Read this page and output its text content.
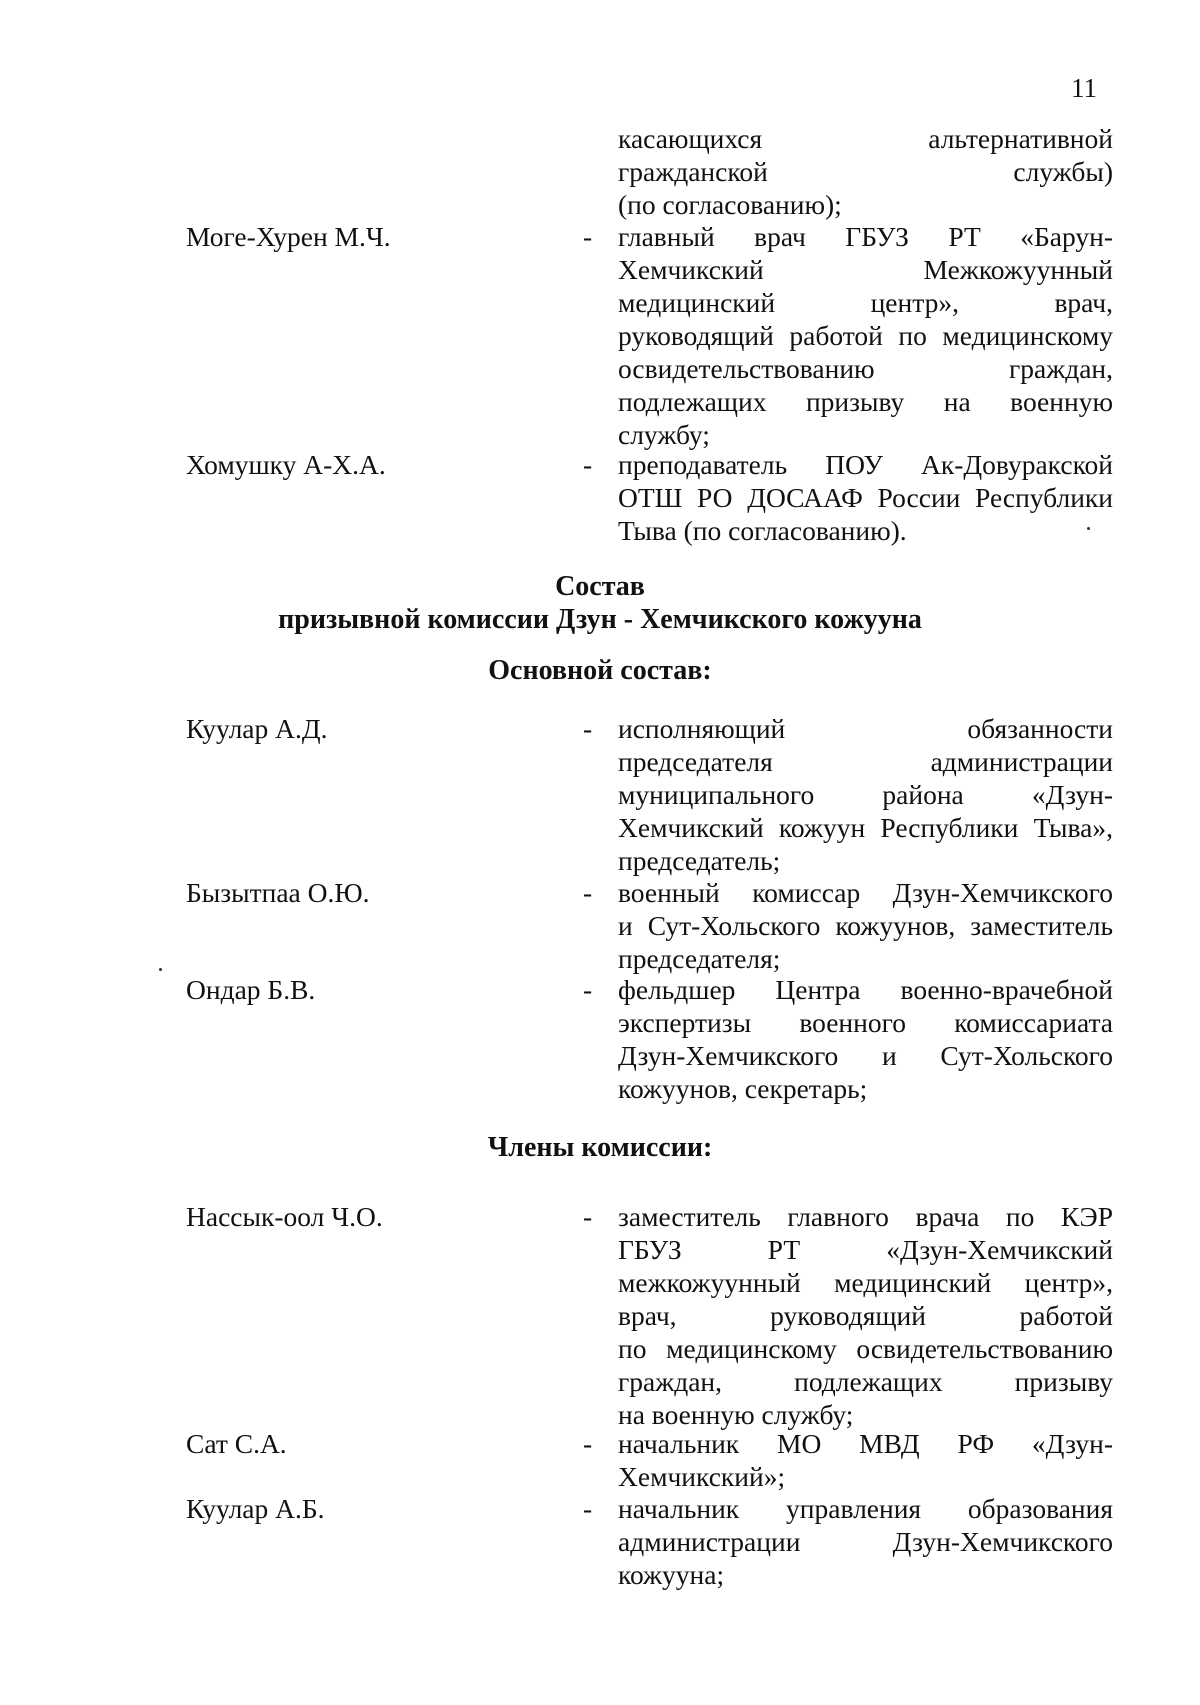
11
касающихся альтернативной
гражданской службы)
(по согласованию);
Моге-Хурен М.Ч.	- главный врач ГБУЗ РТ «Барун-
Хемчикский Межкожуунный
медицинский центр», врач,
руководящий работой по медицинскому
освидетельствованию граждан,
подлежащих призыву на военную
службу;
Хомушку А-Х.А.	- преподаватель ПОУ Ак-Довуракской
ОТШ РО ДОСААФ России Республики
Тыва (по согласованию).
Состав
призывной комиссии Дзун - Хемчикского кожууна
Основной состав:
Куулар А.Д.	- исполняющий обязанности
председателя администрации
муниципального района «Дзун-
Хемчикский кожуун Республики Тыва»,
председатель;
Бызытпаа О.Ю.	- военный комиссар Дзун-Хемчикского
и Сут-Хольского кожуунов, заместитель
председателя;
Ондар Б.В.	- фельдшер Центра военно-врачебной
экспертизы военного комиссариата
Дзун-Хемчикского и Сут-Хольского
кожуунов, секретарь;
Члены комиссии:
Нассык-оол Ч.О.	- заместитель главного врача по КЭР
ГБУЗ РТ «Дзун-Хемчикский
межкожуунный медицинский центр»,
врач, руководящий работой
по медицинскому освидетельствованию
граждан, подлежащих призыву
на военную службу;
Сат С.А.	- начальник МО МВД РФ «Дзун-
Хемчикский»;
Куулар А.Б.	- начальник управления образования
администрации Дзун-Хемчикского
кожууна;
